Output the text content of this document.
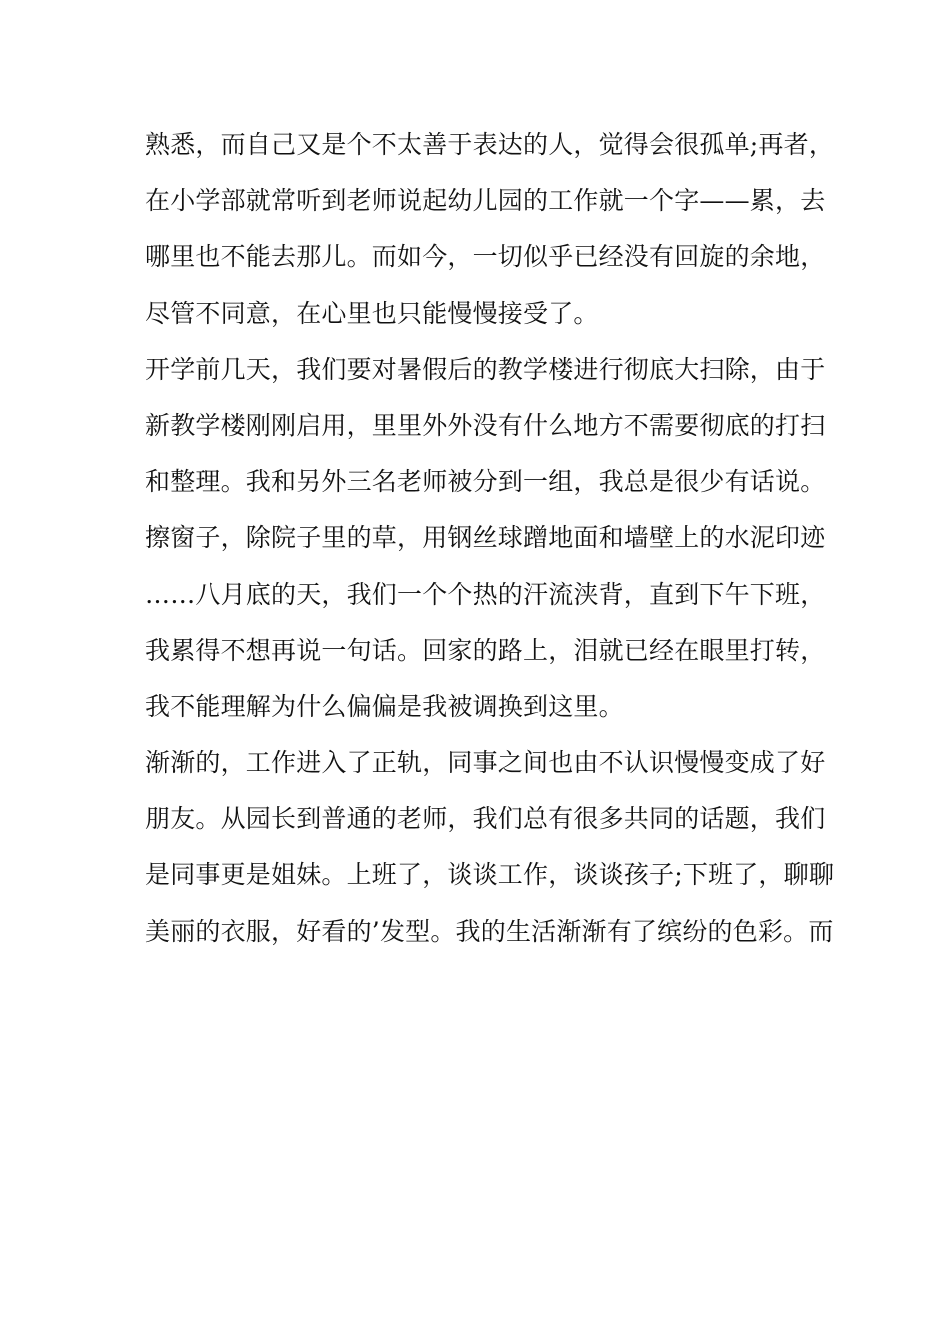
熟悉，而自己又是个不太善于表达的人，觉得会很孤单;再者，
在小学部就常听到老师说起幼儿园的工作就一个字——累，去
哪里也不能去那儿。而如今，一切似乎已经没有回旋的余地，
尽管不同意，在心里也只能慢慢接受了。
开学前几天，我们要对暑假后的教学楼进行彻底大扫除，由于
新教学楼刚刚启用，里里外外没有什么地方不需要彻底的打扫
和整理。我和另外三名老师被分到一组，我总是很少有话说。
擦窗子，除院子里的草，用钢丝球蹭地面和墙壁上的水泥印迹
……八月底的天，我们一个个热的汗流浃背，直到下午下班，
我累得不想再说一句话。回家的路上，泪就已经在眼里打转，
我不能理解为什么偏偏是我被调换到这里。
渐渐的，工作进入了正轨，同事之间也由不认识慢慢变成了好
朋友。从园长到普通的老师，我们总有很多共同的话题，我们
是同事更是姐妹。上班了，谈谈工作，谈谈孩子;下班了，聊聊
美丽的衣服，好看的’发型。我的生活渐渐有了缤纷的色彩。而
